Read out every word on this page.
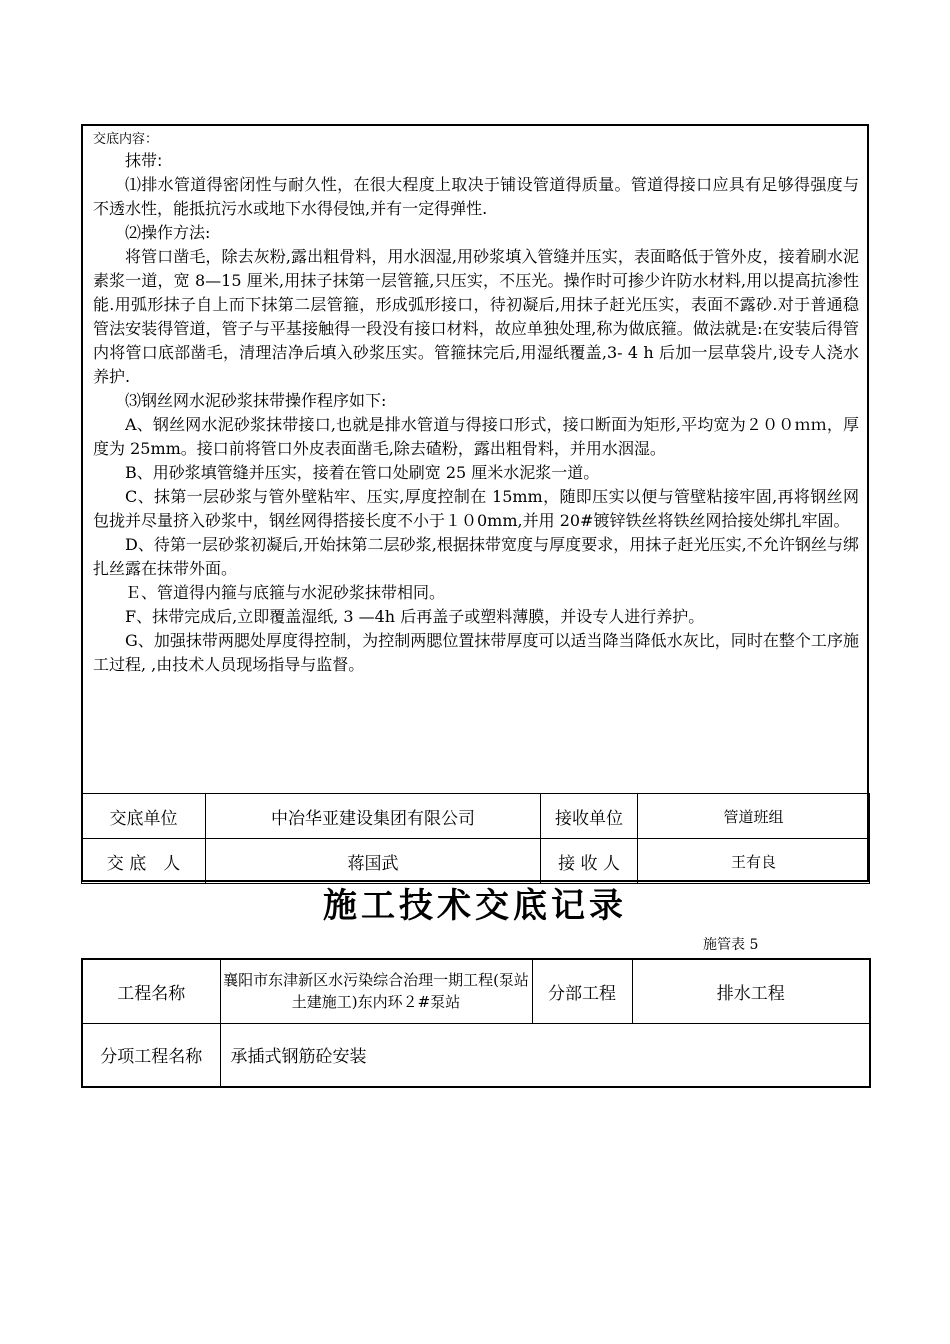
交底内容：

抹带:

⑴排水管道得密闭性与耐久性，在很大程度上取决于铺设管道得质量。管道得接口应具有足够得强度与不透水性，能抵抗污水或地下水得侵蚀,并有一定得弹性.

⑵操作方法:

将管口凿毛，除去灰粉,露出粗骨料，用水洇湿,用砂浆填入管缝并压实，表面略低于管外皮，接着刷水泥素浆一道，宽 8—15 厘米,用抹子抹第一层管箍,只压实，不压光。操作时可掺少许防水材料,用以提高抗渗性能.用弧形抹子自上而下抹第二层管箍，形成弧形接口，待初凝后,用抹子赶光压实，表面不露砂.对于普通稳管法安装得管道，管子与平基接触得一段没有接口材料，故应单独处理,称为做底箍。做法就是:在安装后得管内将管口底部凿毛，清理洁净后填入砂浆压实。管箍抹完后,用湿纸覆盖,3- 4 h 后加一层草袋片,设专人浇水养护.

⑶钢丝网水泥砂浆抹带操作程序如下:

A、钢丝网水泥砂浆抹带接口,也就是排水管道与得接口形式，接口断面为矩形,平均宽为２００ｍｍ，厚度为 25mm。接口前将管口外皮表面凿毛,除去碴粉，露出粗骨料，并用水洇湿。

B、用砂浆填管缝并压实，接着在管口处刷宽 25 厘米水泥浆一道。

C、抹第一层砂浆与管外壁粘牢、压实,厚度控制在 15mm，随即压实以便与管壁粘接牢固,再将钢丝网包拢并尽量挤入砂浆中，钢丝网得搭接长度不小于１０0mm,并用 20#镀锌铁丝将铁丝网拾接处绑扎牢固。

D、待第一层砂浆初凝后,开始抹第二层砂浆,根据抹带宽度与厚度要求，用抹子赶光压实,不允许钢丝与绑扎丝露在抹带外面。

Ｅ、管道得内箍与底箍与水泥砂浆抹带相同。

F、抹带完成后,立即覆盖湿纸, 3 —4h 后再盖子或塑料薄膜，并设专人进行养护。

G、加强抹带两腮处厚度得控制，为控制两腮位置抹带厚度可以适当降当降低水灰比，同时在整个工序施工过程, ,由技术人员现场指导与监督。

交底单位	中冶华亚建设集团有限公司	接收单位	管道班组
交 底　人	蒋国武	接 收 人	王有良
施工技术交底记录
施管表 5
工程名称	襄阳市东津新区水污染综合治理一期工程(泵站土建施工)东内环２#泵站	分部工程	排水工程
分项工程名称	承插式钢筋砼安装		
